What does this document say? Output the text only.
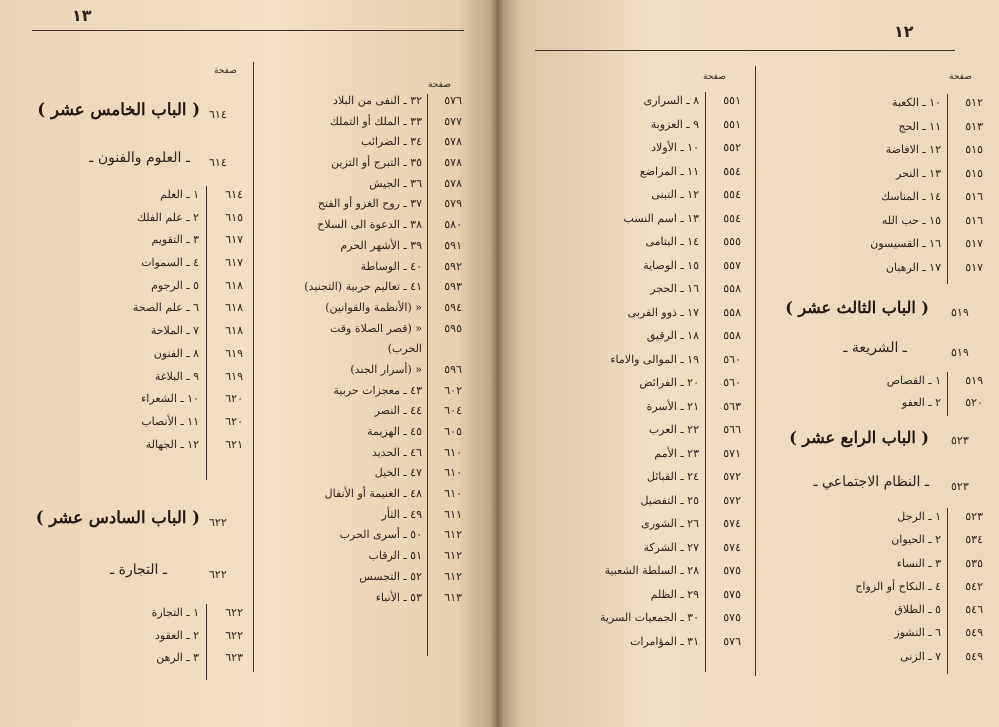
١٣
صفحة
صفحة
٥٧٦
٣٢ ـ النفى من البلاد
٥٧٧
٣٣ ـ الملك أو التملك
٥٧٨
٣٤ ـ الضرائب
٥٧٨
٣٥ ـ التبرج أو التزين
٥٧٨
٣٦ ـ الجيش
٥٧٩
٣٧ ـ روح الغزو أو الفتح
٥٨٠
٣٨ ـ الدعوة الى السلاح
٥٩١
٣٩ ـ الأشهر الحرم
٥٩٢
٤٠ ـ الوساطة
٥٩٣
٤١ ـ تعاليم حربية (التجنيد)
٥٩٤
« (الأنظمة والقوانين)
٥٩٥
« (قصر الصلاة وقت
الحرب)
٥٩٦
« (أسرار الجند)
٦٠٢
٤٣ ـ معجزات حربية
٦٠٤
٤٤ ـ النصر
٦٠٥
٤٥ ـ الهزيمة
٦١٠
٤٦ ـ الحديد
٦١٠
٤٧ ـ الخيل
٦١٠
٤٨ ـ الغنيمة أو الأنفال
٦١١
٤٩ ـ الثأر
٦١٢
٥٠ ـ أسرى الحرب
٦١٢
٥١ ـ الرقاب
٦١٢
٥٢ ـ التجسس
٦١٣
٥٣ ـ الأنباء
٦١٤
( الباب الخامس عشر )
٦١٤
ـ العلوم والفنون ـ
٦١٤
١ ـ العلم
٦١٥
٢ ـ علم الفلك
٦١٧
٣ ـ التقويم
٦١٧
٤ ـ السموات
٦١٨
٥ ـ الرجوم
٦١٨
٦ ـ علم الصحة
٦١٨
٧ ـ الملاحة
٦١٩
٨ ـ الفنون
٦١٩
٩ ـ البلاغة
٦٢٠
١٠ ـ الشعراء
٦٢٠
١١ ـ الأنصاب
٦٢١
١٢ ـ الجهالة
٦٢٢
( الباب السادس عشر )
٦٢٢
ـ التجارة ـ
٦٢٢
١ ـ التجارة
٦٢٢
٢ ـ العقود
٦٢٣
٣ ـ الرهن
١٢
صفحة	صفحة
٥٥١
٨ ـ السرارى
٥٥١
٩ ـ العزوبة
٥٥٢
١٠ ـ الأولاد
٥٥٤
١١ ـ المراضع
٥٥٤
١٢ ـ التبنى
٥٥٤
١٣ ـ اسم النسب
٥٥٥
١٤ ـ اليتامى
٥٥٧
١٥ ـ الوصاية
٥٥٨
١٦ ـ الحجر
٥٥٨
١٧ ـ ذوو القربى
٥٥٨
١٨ ـ الرقيق
٥٦٠
١٩ ـ الموالى والاماء
٥٦٠
٢٠ ـ الفرائض
٥٦٣
٢١ ـ الأسرة
٥٦٦
٢٢ ـ العرب
٥٧١
٢٣ ـ الأمم
٥٧٢
٢٤ ـ القبائل
٥٧٢
٢٥ ـ التفضيل
٥٧٤
٢٦ ـ الشورى
٥٧٤
٢٧ ـ الشركة
٥٧٥
٢٨ ـ السلطة الشعبية
٥٧٥
٢٩ ـ الظلم
٥٧٥
٣٠ ـ الجمعيات السرية
٥٧٦
٣١ ـ المؤامرات
٥١٢
١٠ ـ الكعبة
٥١٣
١١ ـ الحج
٥١٥
١٢ ـ الافاضة
٥١٥
١٣ ـ النحر
٥١٦
١٤ ـ المناسك
٥١٦
١٥ ـ حب الله
٥١٧
١٦ ـ القسيسون
٥١٧
١٧ ـ الرهبان
٥١٩
( الباب الثالث عشر )
٥١٩
ـ الشريعة ـ
٥١٩
١ ـ القصاص
٥٢٠
٢ ـ العفو
٥٢٣
( الباب الرابع عشر )
٥٢٣
ـ النظام الاجتماعي ـ
٥٢٣
١ ـ الرجل
٥٣٤
٢ ـ الحيوان
٥٣٥
٣ ـ النساء
٥٤٢
٤ ـ النكاح أو الزواج
٥٤٦
٥ ـ الطلاق
٥٤٩
٦ ـ النشوز
٥٤٩
٧ ـ الزنى
